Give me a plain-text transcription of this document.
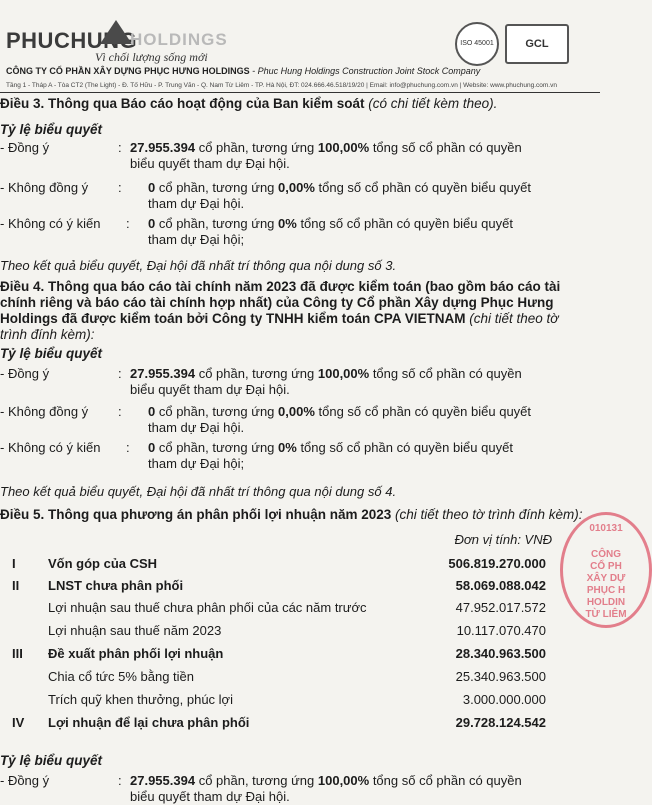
PHUCHUNG
HOLDINGS
Vì chối lượng sống mới
ISO 45001	GCL
CÔNG TY CỔ PHẦN XÂY DỰNG PHỤC HƯNG HOLDINGS - Phuc Hung Holdings Construction Joint Stock Company
Tầng 1 - Tháp A - Tòa CT2 (The Light) - Đ. Tố Hữu - P. Trung Văn - Q. Nam Từ Liêm - TP. Hà Nội, ĐT: 024.666.46.518/19/20 | Email: info@phuchung.com.vn | Website: www.phuchung.com.vn

Điều 3. Thông qua Báo cáo hoạt động của Ban kiểm soát (có chi tiết kèm theo).

Tỷ lệ biểu quyết
- Đồng ý	: 27.955.394 cổ phần, tương ứng 100,00% tổng số cổ phần có quyền
biểu quyết tham dự Đại hội.
- Không đồng ý : 0 cổ phần, tương ứng 0,00% tổng số cổ phần có quyền biểu quyết
tham dự Đại hội.
- Không có ý kiến : 0 cổ phần, tương ứng 0% tổng số cổ phần có quyền biểu quyết
tham dự Đại hội;
Theo kết quả biểu quyết, Đại hội đã nhất trí thông qua nội dung số 3.

Điều 4. Thông qua báo cáo tài chính năm 2023 đã được kiểm toán (bao gồm báo cáo tài
chính riêng và báo cáo tài chính hợp nhất) của Công ty Cổ phần Xây dựng Phục Hưng
Holdings đã được kiểm toán bởi Công ty TNHH kiểm toán CPA VIETNAM (chi tiết theo tờ
trình đính kèm):

Tỷ lệ biểu quyết
- Đồng ý	: 27.955.394 cổ phần, tương ứng 100,00% tổng số cổ phần có quyền
biểu quyết tham dự Đại hội.
- Không đồng ý : 0 cổ phần, tương ứng 0,00% tổng số cổ phần có quyền biểu quyết
tham dự Đại hội.
- Không có ý kiến : 0 cổ phần, tương ứng 0% tổng số cổ phần có quyền biểu quyết
tham dự Đại hội;
Theo kết quả biểu quyết, Đại hội đã nhất trí thông qua nội dung số 4.

Điều 5. Thông qua phương án phân phối lợi nhuận năm 2023 (chi tiết theo tờ trình đính kèm):

Đơn vị tính: VNĐ
I Vốn góp của CSH	506.819.270.000
II LNST chưa phân phối	58.069.088.042
Lợi nhuận sau thuế chưa phân phối của các năm trước	47.952.017.572
Lợi nhuận sau thuế năm 2023	10.117.070.470
III Đề xuất phân phối lợi nhuận	28.340.963.500
Chia cổ tức 5% bằng tiền	25.340.963.500
Trích quỹ khen thưởng, phúc lợi	3.000.000.000
IV Lợi nhuận để lại chưa phân phối	29.728.124.542
Tỷ lệ biểu quyết
- Đồng ý	: 27.955.394 cổ phần, tương ứng 100,00% tổng số cổ phần có quyền
biểu quyết tham dự Đại hội.
010131
CÔNG
CỔ PH
XÂY DỰ
PHỤC H
HOLDIN
TỪ LIÊM
